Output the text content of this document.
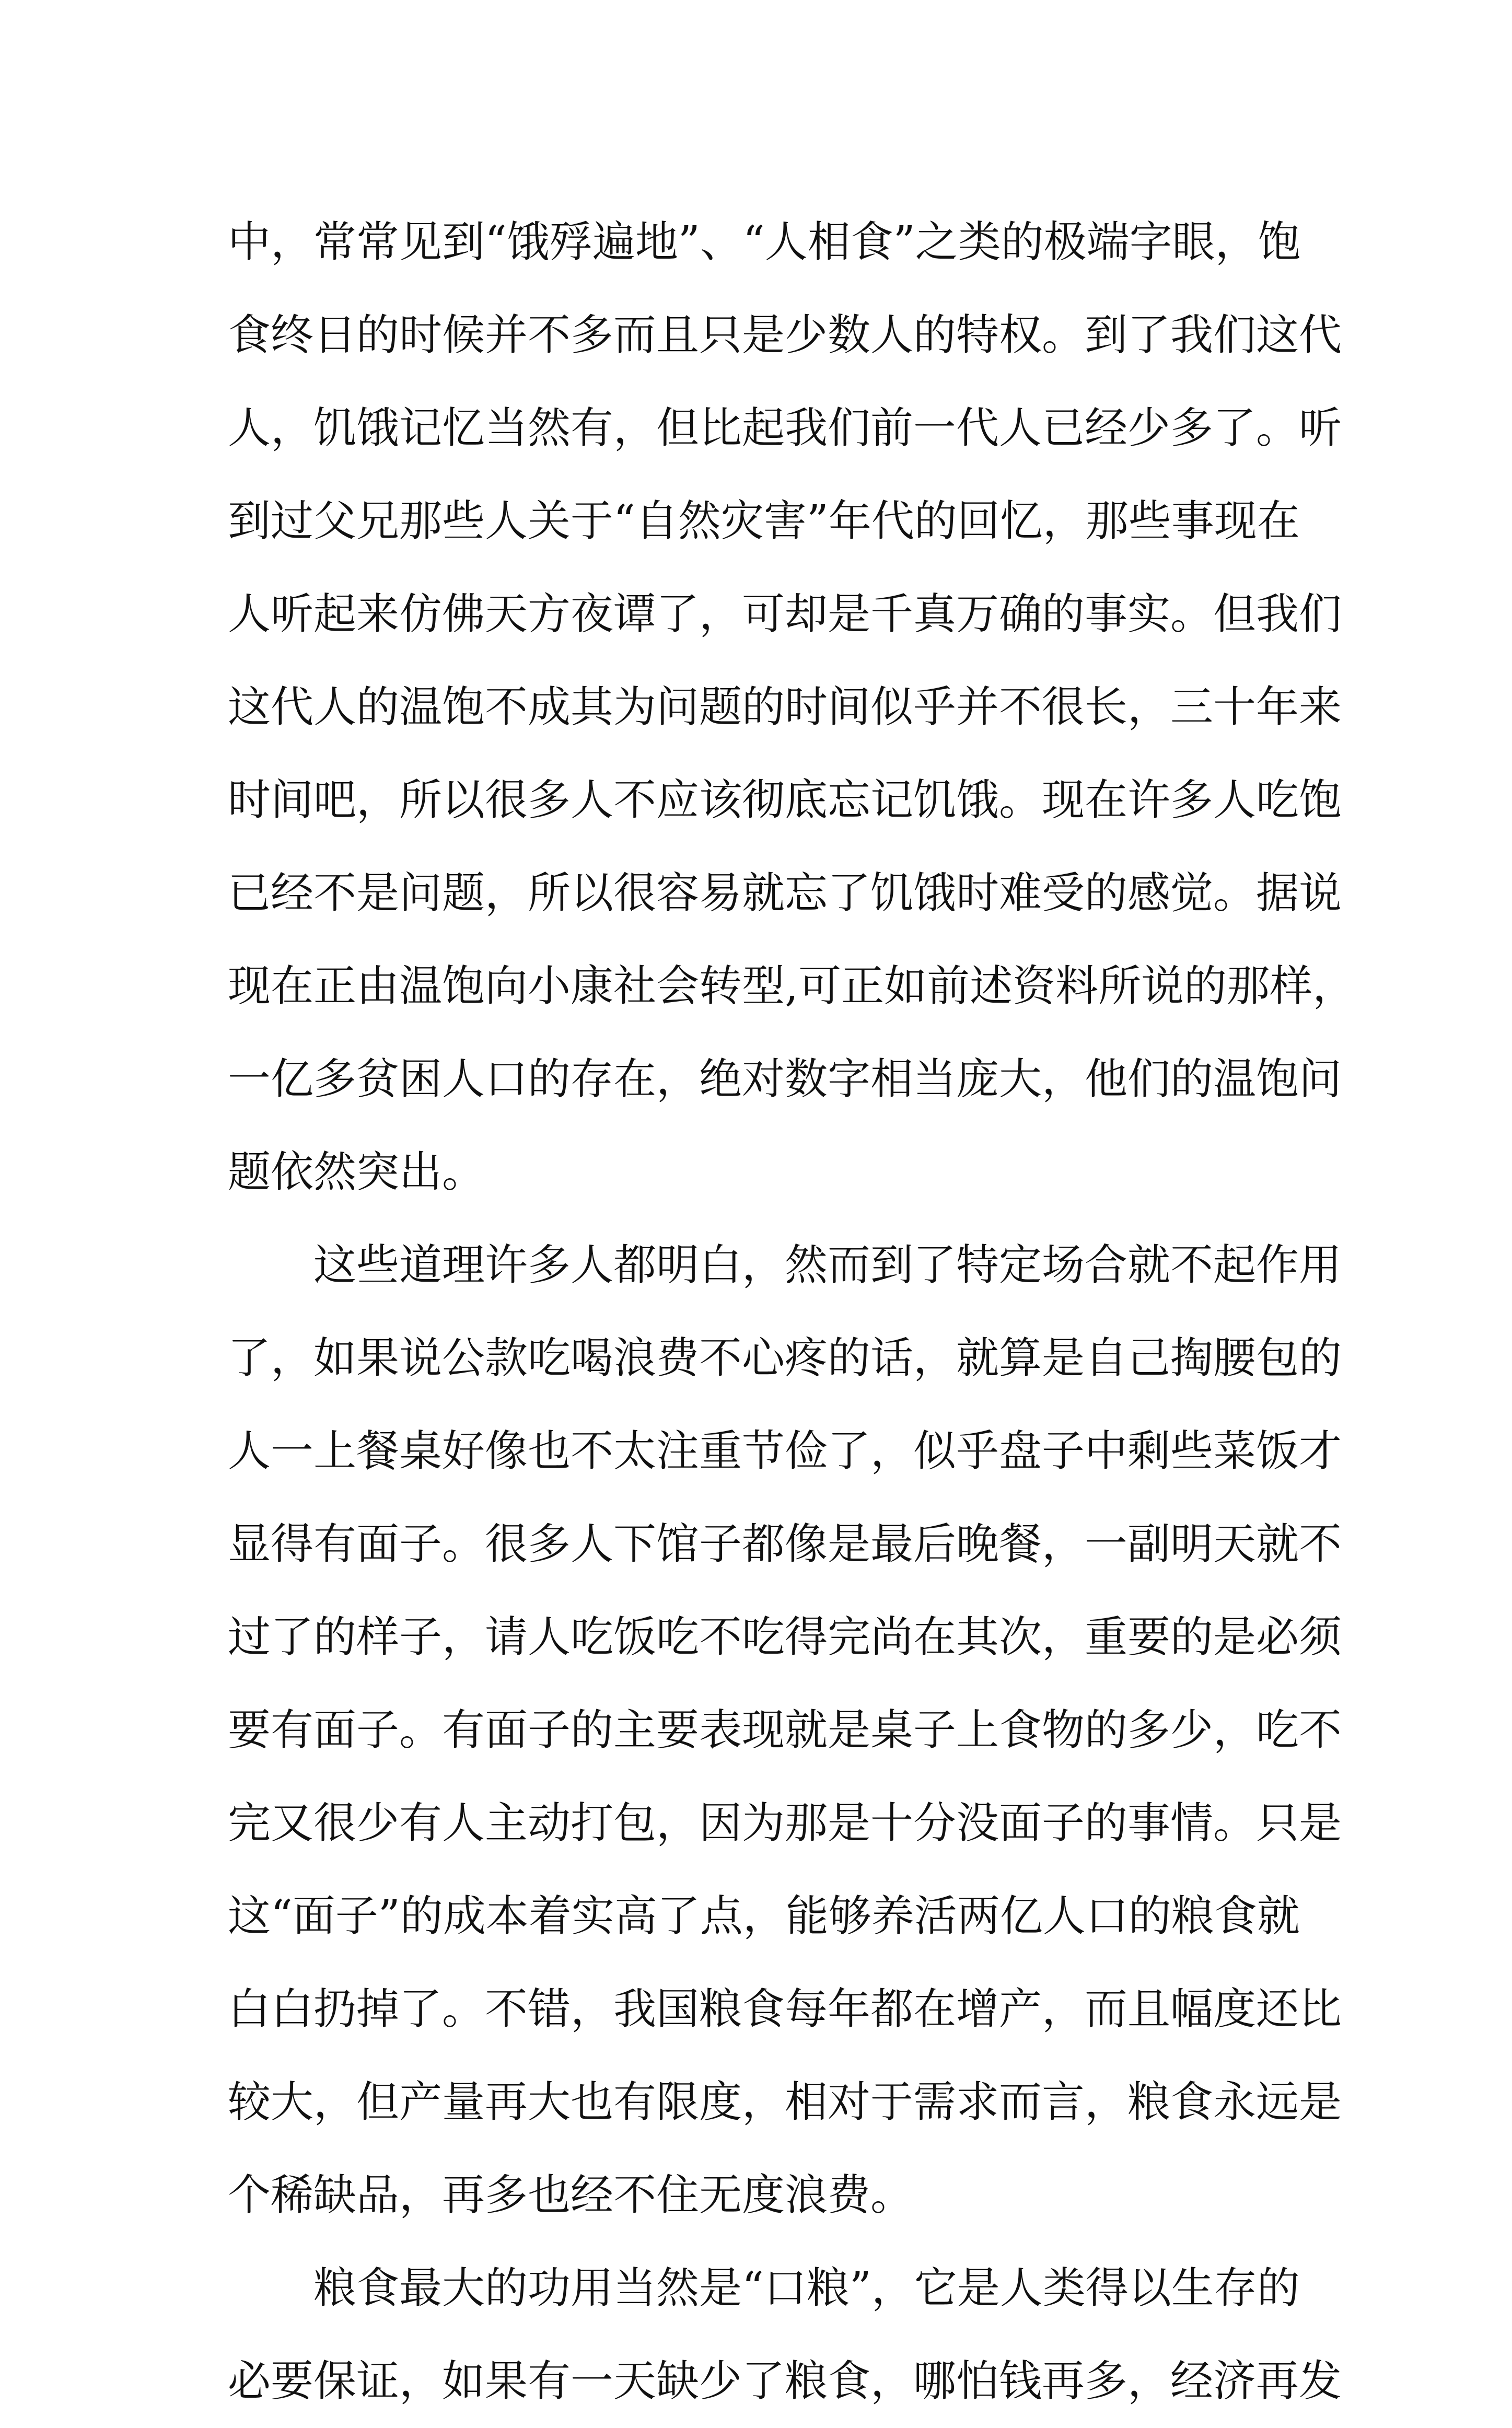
中，常常见到“饿殍遍地”、“人相食”之类的极端字眼，饱
食终日的时候并不多而且只是少数人的特权。到了我们这代
人，饥饿记忆当然有，但比起我们前一代人已经少多了。听
到过父兄那些人关于“自然灾害”年代的回忆，那些事现在
人听起来仿佛天方夜谭了，可却是千真万确的事实。但我们
这代人的温饱不成其为问题的时间似乎并不很长，三十年来
时间吧，所以很多人不应该彻底忘记饥饿。现在许多人吃饱
已经不是问题，所以很容易就忘了饥饿时难受的感觉。据说
现在正由温饱向小康社会转型,可正如前述资料所说的那样，
一亿多贫困人口的存在，绝对数字相当庞大，他们的温饱问
题依然突出。
这些道理许多人都明白，然而到了特定场合就不起作用
了，如果说公款吃喝浪费不心疼的话，就算是自己掏腰包的
人一上餐桌好像也不太注重节俭了，似乎盘子中剩些菜饭才
显得有面子。很多人下馆子都像是最后晚餐，一副明天就不
过了的样子，请人吃饭吃不吃得完尚在其次，重要的是必须
要有面子。有面子的主要表现就是桌子上食物的多少，吃不
完又很少有人主动打包，因为那是十分没面子的事情。只是
这“面子”的成本着实高了点，能够养活两亿人口的粮食就
白白扔掉了。不错，我国粮食每年都在增产，而且幅度还比
较大，但产量再大也有限度，相对于需求而言，粮食永远是
个稀缺品，再多也经不住无度浪费。
粮食最大的功用当然是“口粮”，它是人类得以生存的
必要保证，如果有一天缺少了粮食，哪怕钱再多，经济再发
